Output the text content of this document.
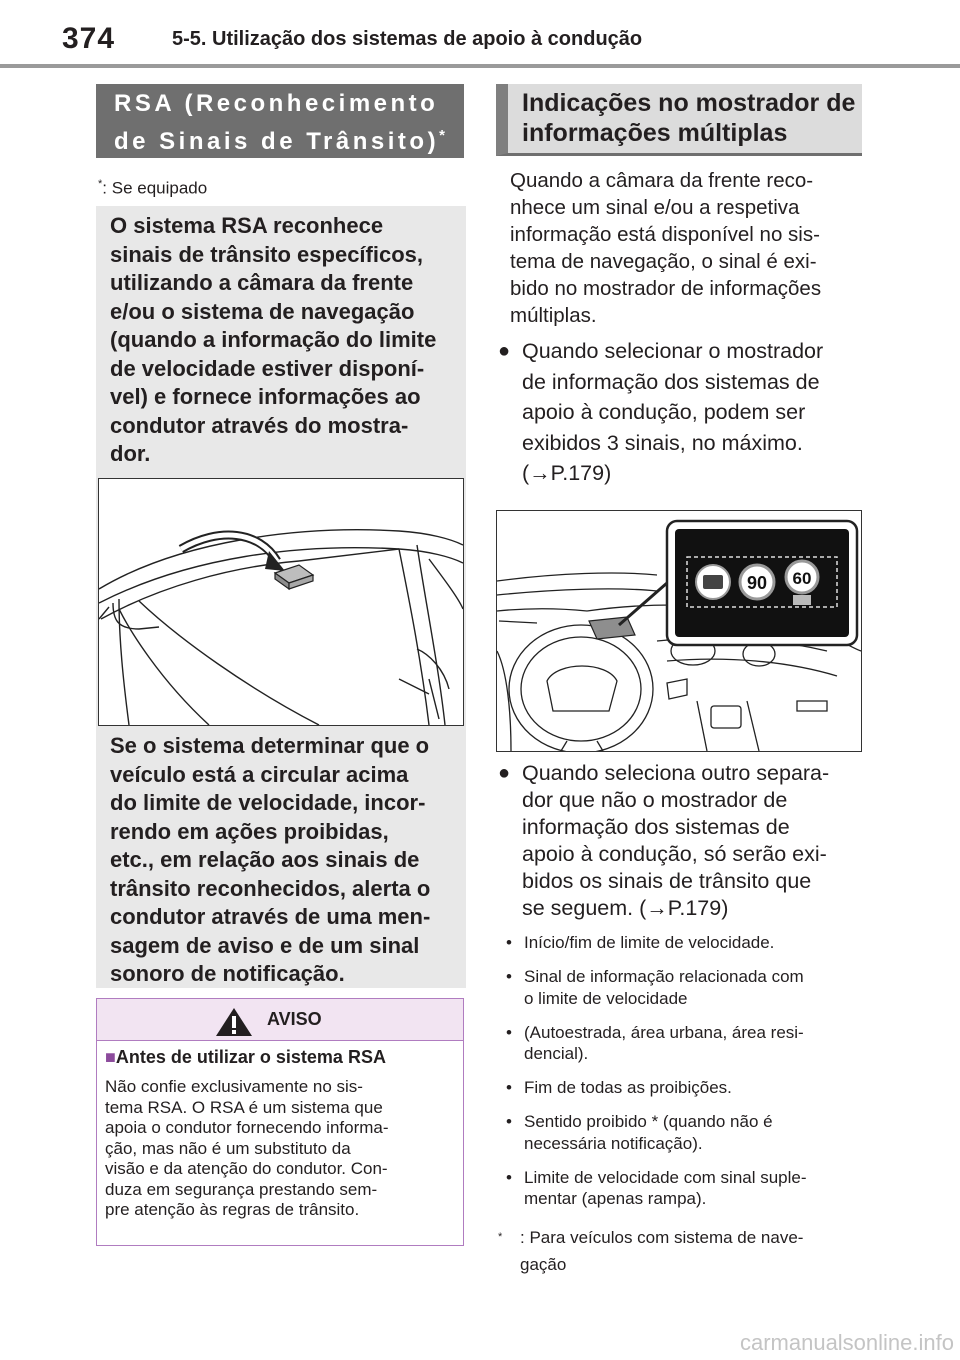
374	5-5. Utilização dos sistemas de apoio à condução
RSA (Reconhecimento
de Sinais de Trânsito)*
*: Se equipado
O sistema RSA reconhece
sinais de trânsito específicos,
utilizando a câmara da frente
e/ou o sistema de navegação
(quando a informação do limite
de velocidade estiver disponí-
vel) e fornece informações ao
condutor através do mostra-
dor.
Se o sistema determinar que o
veículo está a circular acima
do limite de velocidade, incor-
rendo em ações proibidas,
etc., em relação aos sinais de
trânsito reconhecidos, alerta o
condutor através de uma men-
sagem de aviso e de um sinal
sonoro de notificação.
AVISO
■Antes de utilizar o sistema RSA
Não confie exclusivamente no sis-
tema RSA. O RSA é um sistema que
apoia o condutor fornecendo informa-
ção, mas não é um substituto da
visão e da atenção do condutor. Con-
duza em segurança prestando sem-
pre atenção às regras de trânsito.
Indicações no mostrador de
informações múltiplas
Quando a câmara da frente reco-
nhece um sinal e/ou a respetiva
informação está disponível no sis-
tema de navegação, o sinal é exi-
bido no mostrador de informações
múltiplas.
● Quando selecionar o mostrador
de informação dos sistemas de
apoio à condução, podem ser
exibidos 3 sinais, no máximo.
(→P.179)
90 60
● Quando seleciona outro separa-
dor que não o mostrador de
informação dos sistemas de
apoio à condução, só serão exi-
bidos os sinais de trânsito que
se seguem. (→P.179)
• Início/fim de limite de velocidade.
• Sinal de informação relacionada com
o limite de velocidade
• (Autoestrada, área urbana, área resi-
dencial).
• Fim de todas as proibições.
• Sentido proibido * (quando não é
necessária notificação).
• Limite de velocidade com sinal suple-
mentar (apenas rampa).
*	: Para veículos com sistema de nave-
gação
carmanualsonline.info
